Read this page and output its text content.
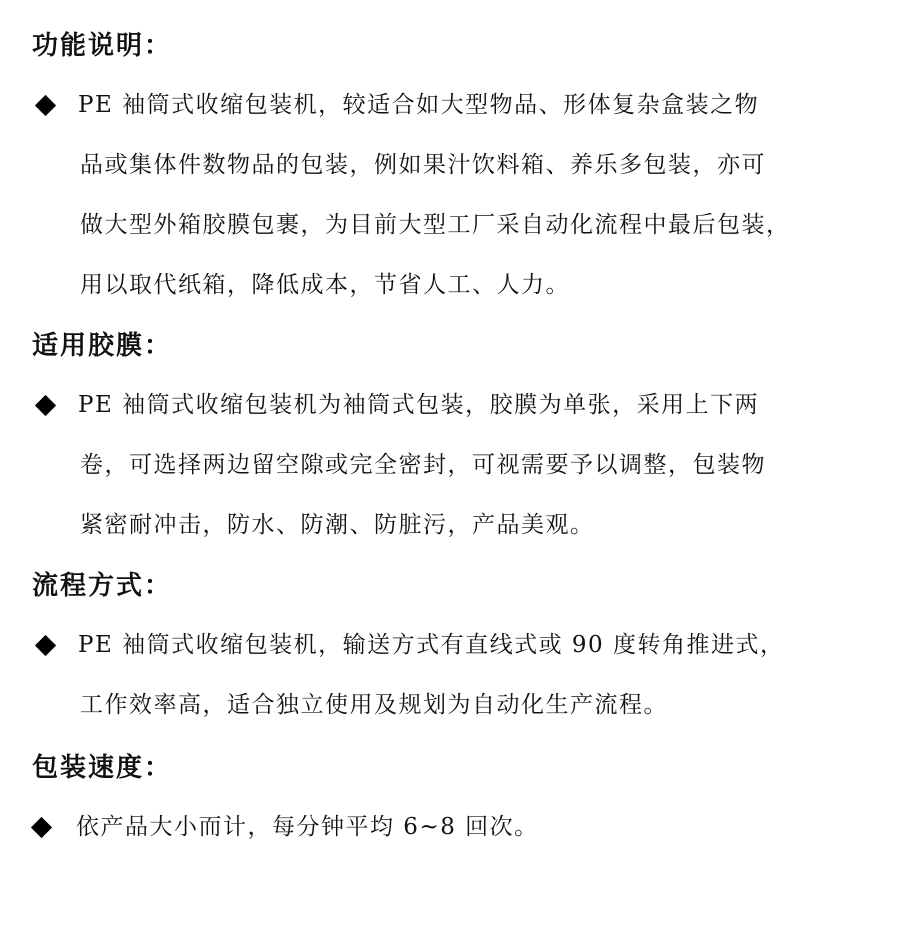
功能说明：
PE 袖筒式收缩包装机，较适合如大型物品、形体复杂盒装之物
品或集体件数物品的包装，例如果汁饮料箱、养乐多包装，亦可
做大型外箱胶膜包裹，为目前大型工厂采自动化流程中最后包装，
用以取代纸箱，降低成本，节省人工、人力。
适用胶膜：
PE 袖筒式收缩包装机为袖筒式包装，胶膜为单张，采用上下两
卷，可选择两边留空隙或完全密封，可视需要予以调整，包装物
紧密耐冲击，防水、防潮、防脏污，产品美观。
流程方式：
PE 袖筒式收缩包装机，输送方式有直线式或 90 度转角推进式，
工作效率高，适合独立使用及规划为自动化生产流程。
包装速度：
依产品大小而计，每分钟平均 6~8 回次。
